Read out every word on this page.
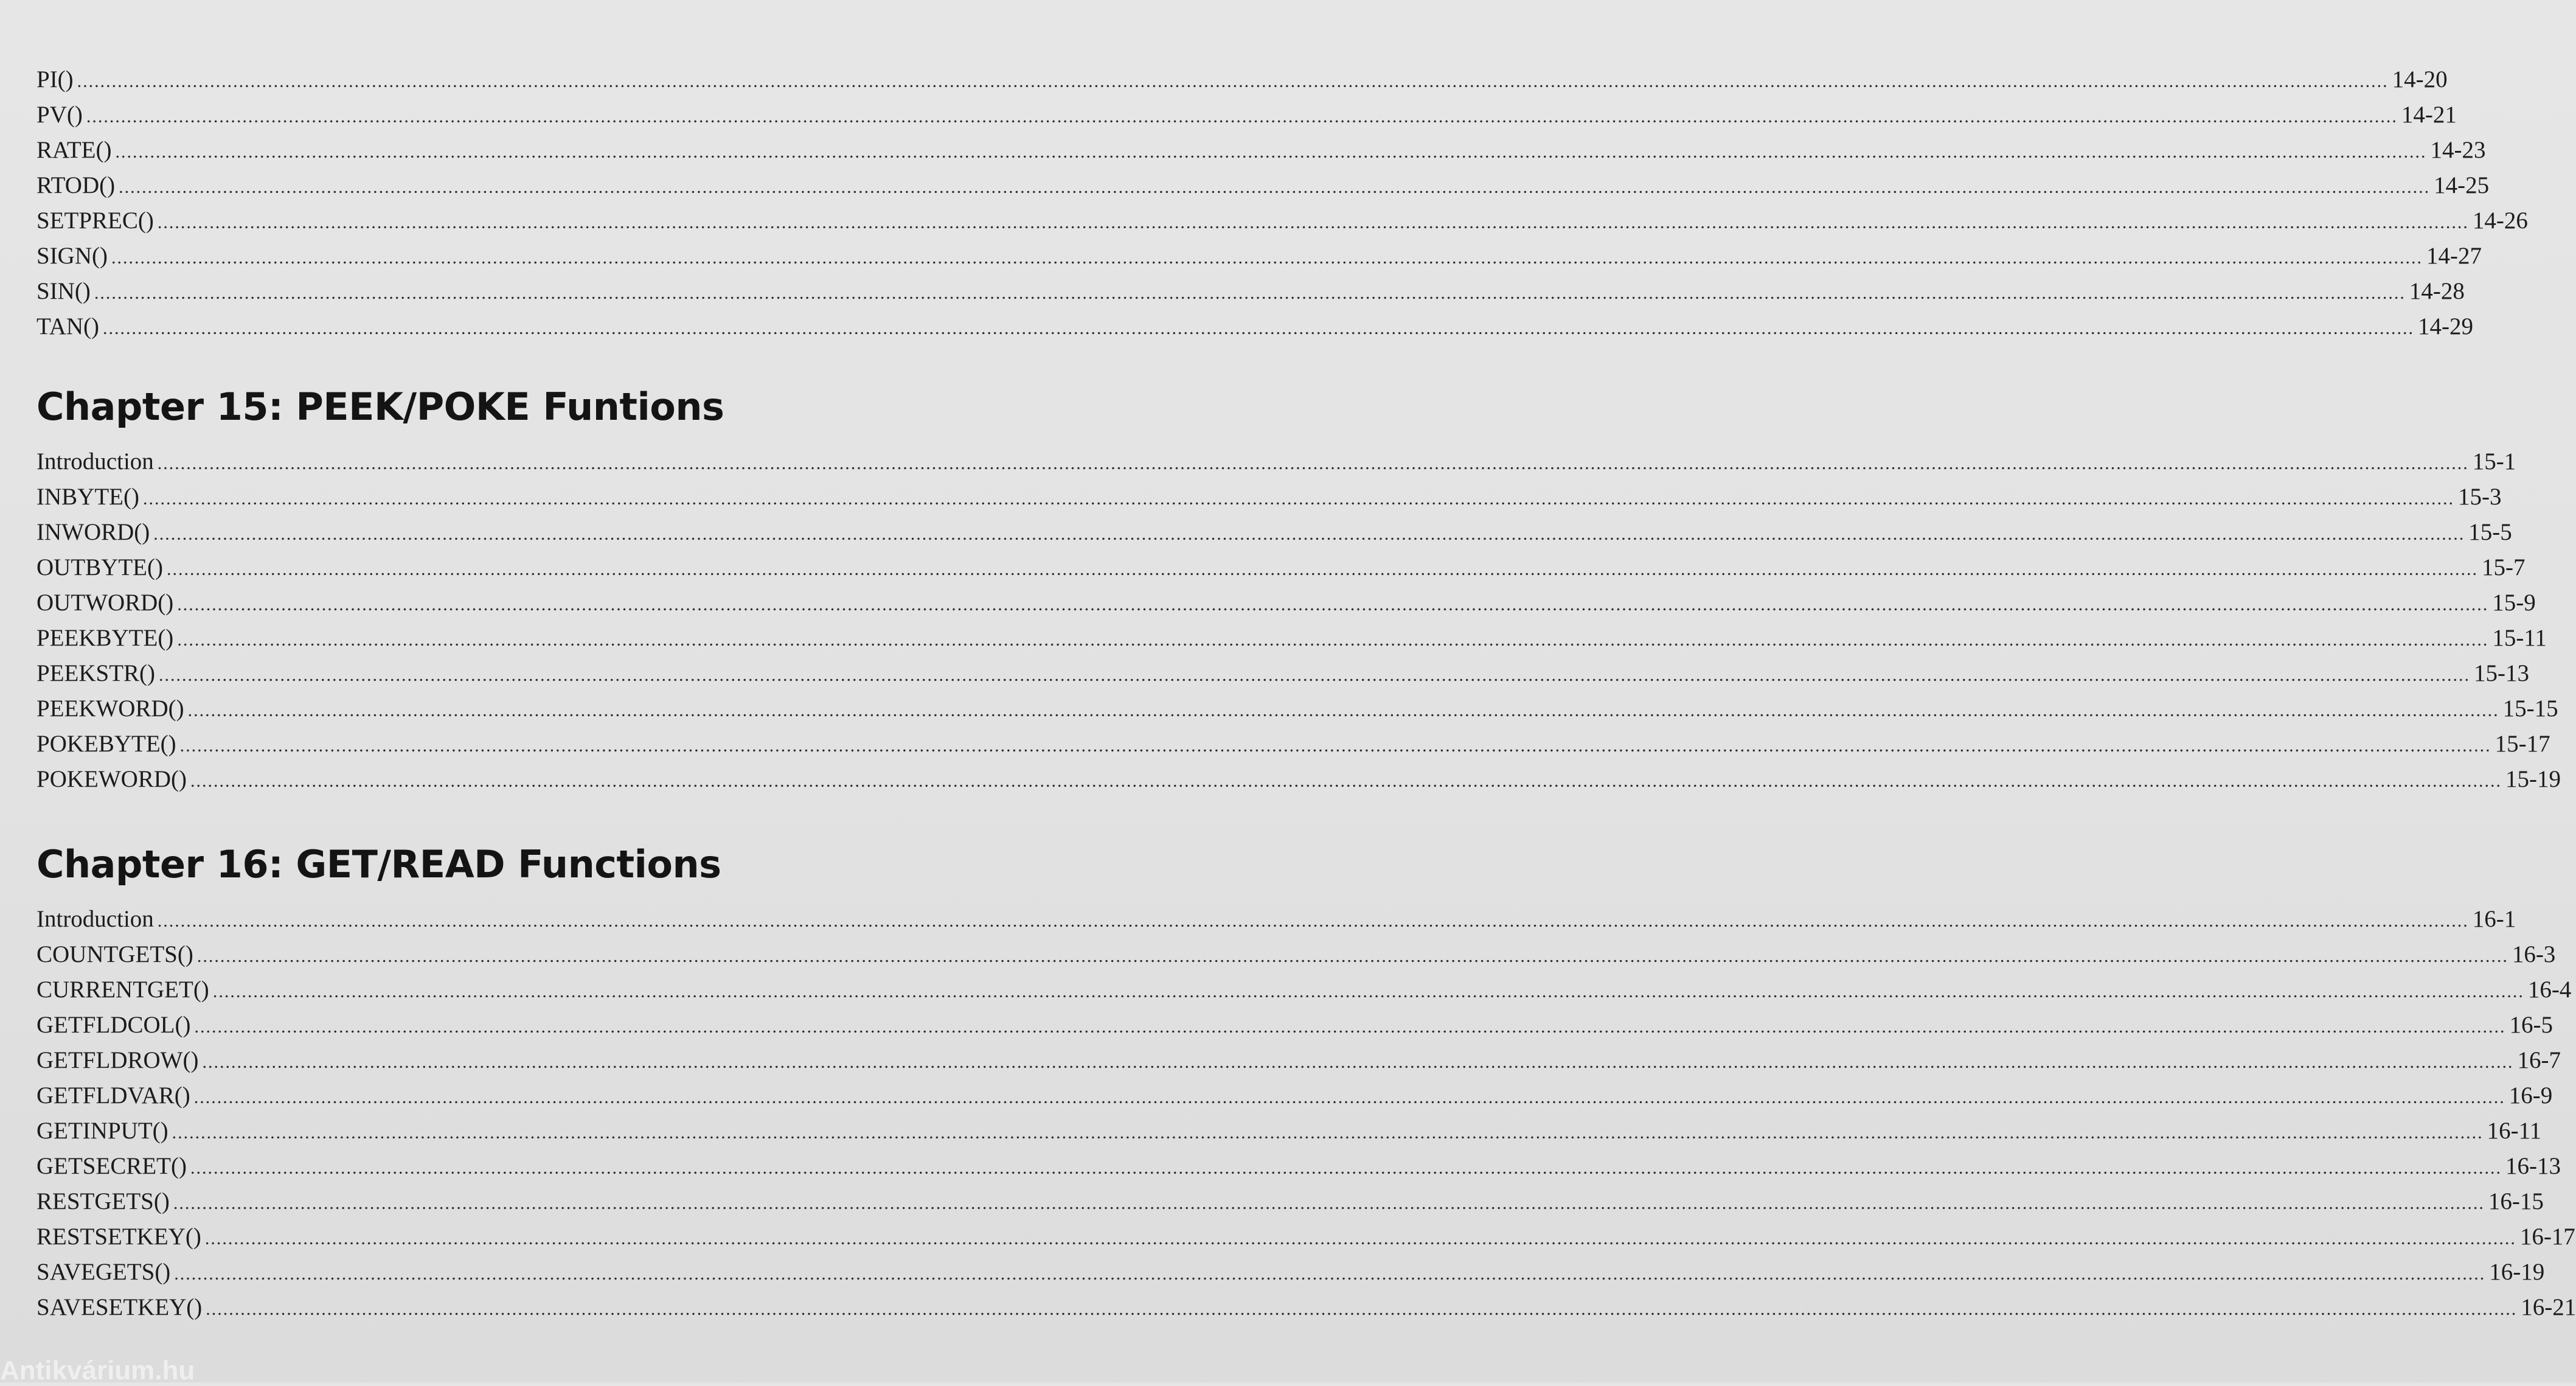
PI() ................................................................................................................................................................................................................................................................................................................................................................................................................ 14-20
PV() ................................................................................................................................................................................................................................................................................................................................................................................................................ 14-21
RATE() ................................................................................................................................................................................................................................................................................................................................................................................................................ 14-23
RTOD() ................................................................................................................................................................................................................................................................................................................................................................................................................ 14-25
SETPREC() ................................................................................................................................................................................................................................................................................................................................................................................................................ 14-26
SIGN() ................................................................................................................................................................................................................................................................................................................................................................................................................ 14-27
SIN() ................................................................................................................................................................................................................................................................................................................................................................................................................ 14-28
TAN() ................................................................................................................................................................................................................................................................................................................................................................................................................ 14-29
Chapter 15: PEEK/POKE Funtions
Introduction ................................................................................................................................................................................................................................................................................................................................................................................................................ 15-1
INBYTE() ................................................................................................................................................................................................................................................................................................................................................................................................................ 15-3
INWORD() ................................................................................................................................................................................................................................................................................................................................................................................................................ 15-5
OUTBYTE() ................................................................................................................................................................................................................................................................................................................................................................................................................ 15-7
OUTWORD() ................................................................................................................................................................................................................................................................................................................................................................................................................ 15-9
PEEKBYTE() ................................................................................................................................................................................................................................................................................................................................................................................................................ 15-11
PEEKSTR() ................................................................................................................................................................................................................................................................................................................................................................................................................ 15-13
PEEKWORD() ................................................................................................................................................................................................................................................................................................................................................................................................................ 15-15
POKEBYTE() ................................................................................................................................................................................................................................................................................................................................................................................................................ 15-17
POKEWORD() ................................................................................................................................................................................................................................................................................................................................................................................................................ 15-19
Chapter 16: GET/READ Functions
Introduction ................................................................................................................................................................................................................................................................................................................................................................................................................ 16-1
COUNTGETS() ................................................................................................................................................................................................................................................................................................................................................................................................................ 16-3
CURRENTGET() ................................................................................................................................................................................................................................................................................................................................................................................................................ 16-4
GETFLDCOL() ................................................................................................................................................................................................................................................................................................................................................................................................................ 16-5
GETFLDROW() ................................................................................................................................................................................................................................................................................................................................................................................................................ 16-7
GETFLDVAR() ................................................................................................................................................................................................................................................................................................................................................................................................................ 16-9
GETINPUT() ................................................................................................................................................................................................................................................................................................................................................................................................................ 16-11
GETSECRET() ................................................................................................................................................................................................................................................................................................................................................................................................................ 16-13
RESTGETS() ................................................................................................................................................................................................................................................................................................................................................................................................................ 16-15
RESTSETKEY() ................................................................................................................................................................................................................................................................................................................................................................................................................ 16-17
SAVEGETS() ................................................................................................................................................................................................................................................................................................................................................................................................................ 16-19
SAVESETKEY() ................................................................................................................................................................................................................................................................................................................................................................................................................ 16-21
Antikvárium.hu
